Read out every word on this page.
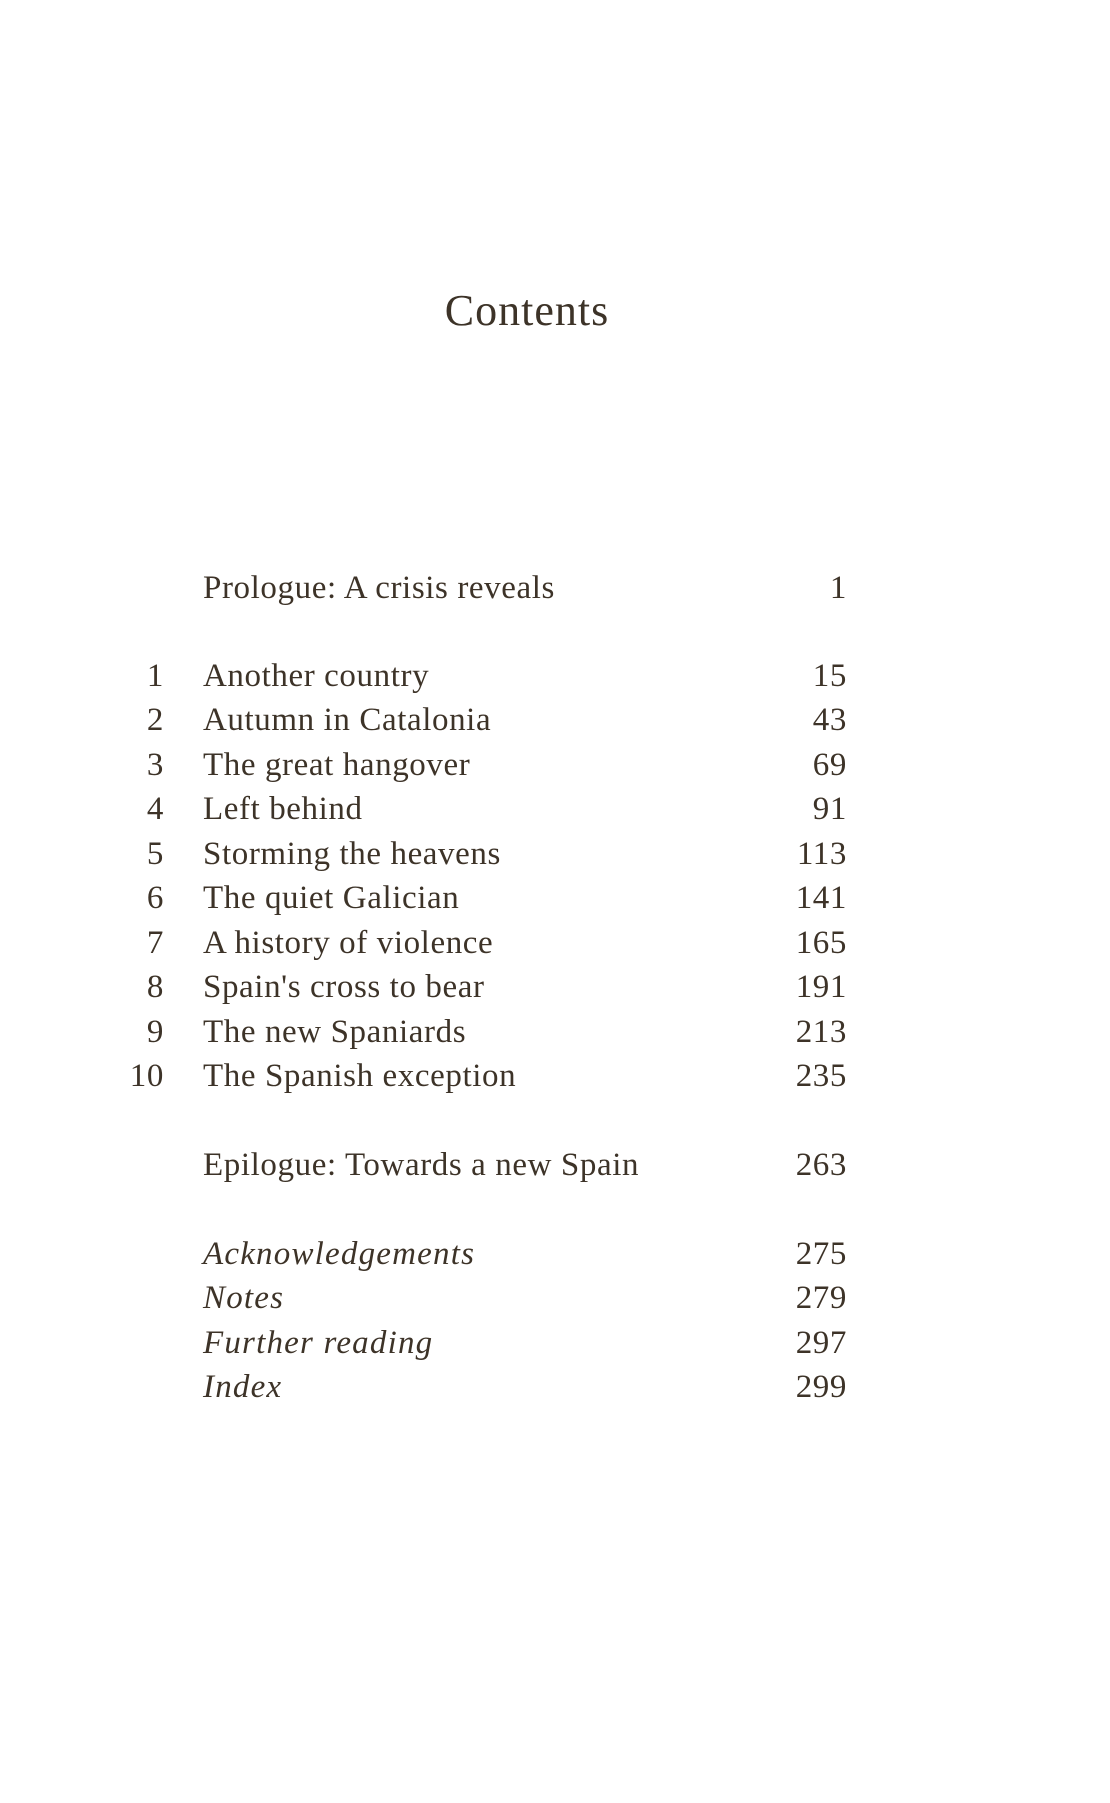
Contents
Prologue: A crisis reveals	1
1 Another country	15
2 Autumn in Catalonia	43
3 The great hangover	69
4 Left behind	91
5 Storming the heavens	113
6 The quiet Galician	141
7 A history of violence	165
8 Spain's cross to bear	191
9 The new Spaniards	213
10 The Spanish exception	235
Epilogue: Towards a new Spain	263
Acknowledgements	275
Notes	279
Further reading	297
Index	299
